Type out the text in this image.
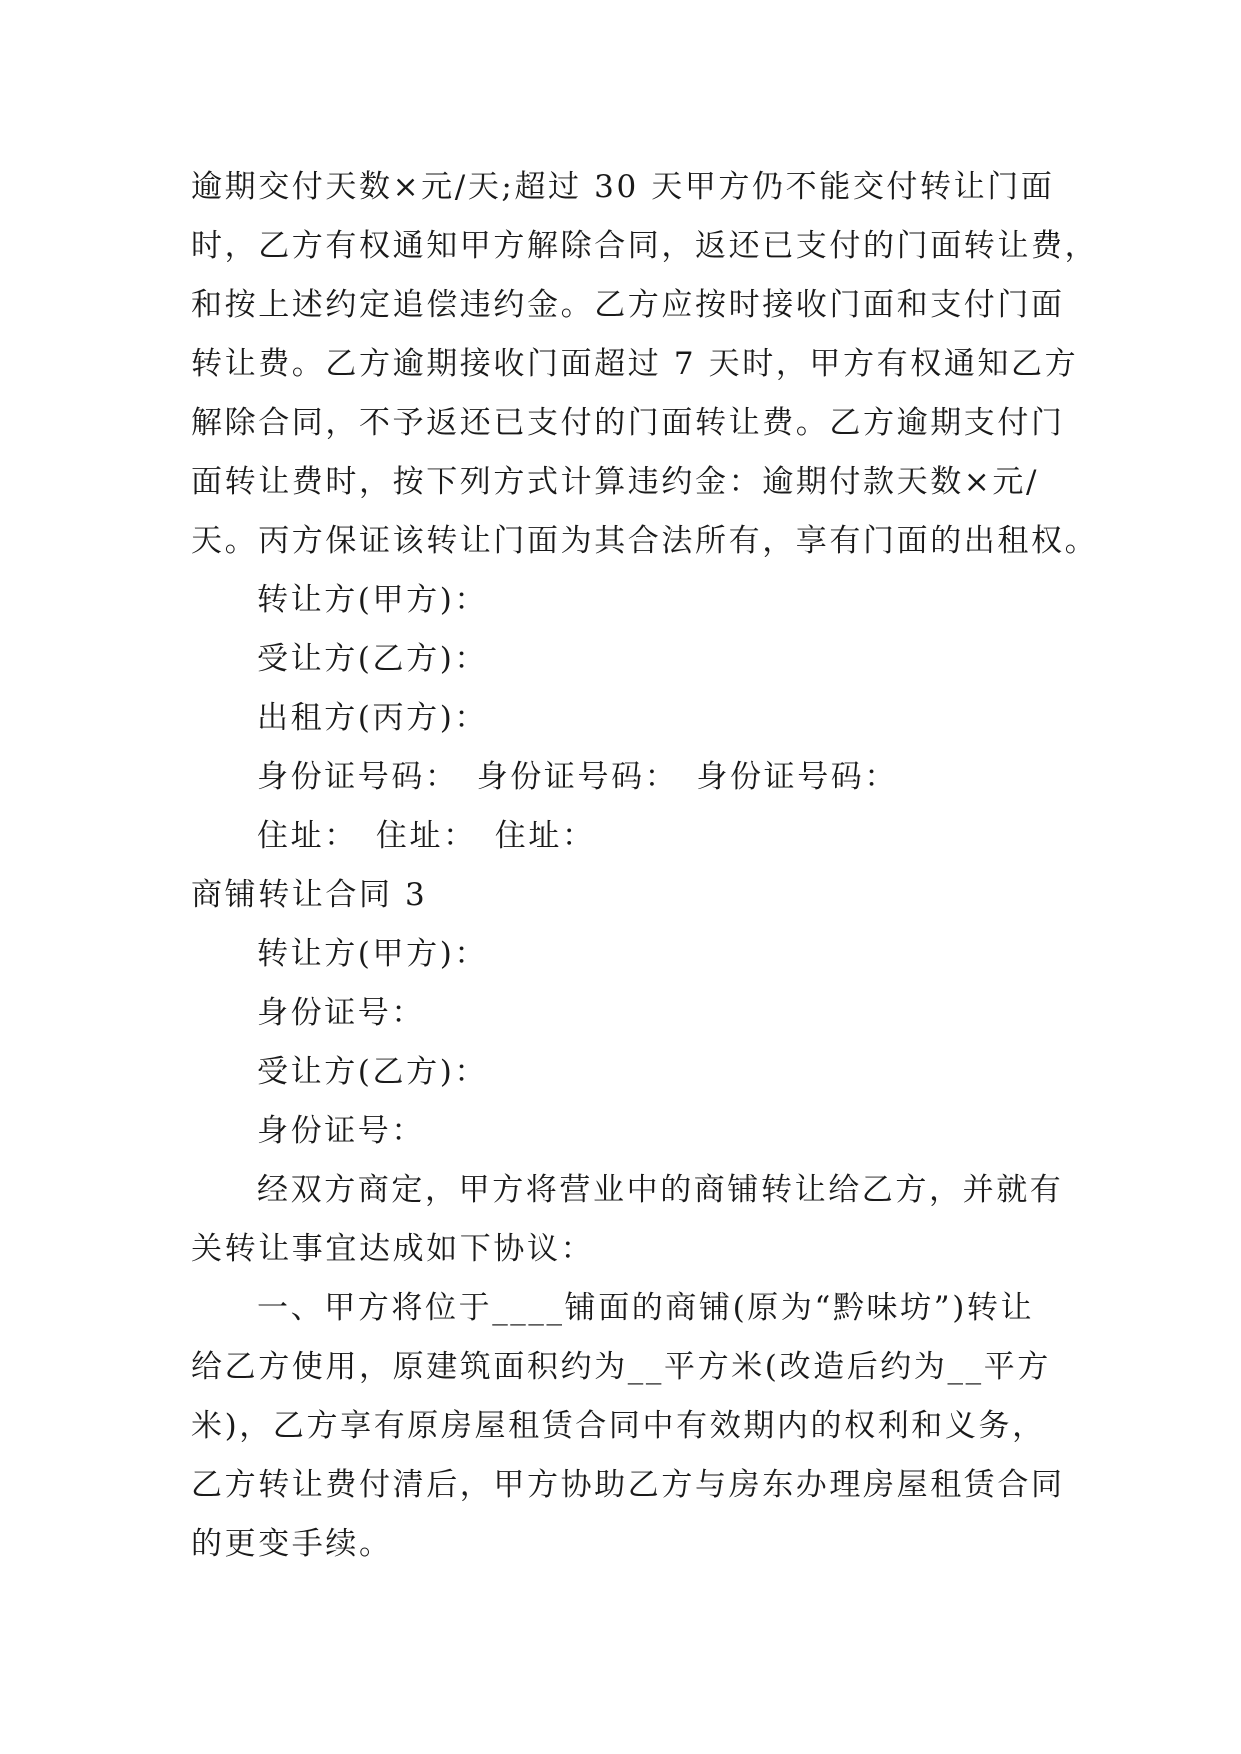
逾期交付天数×元/天;超过 30 天甲方仍不能交付转让门面
时，乙方有权通知甲方解除合同，返还已支付的门面转让费，
和按上述约定追偿违约金。乙方应按时接收门面和支付门面
转让费。乙方逾期接收门面超过 7 天时，甲方有权通知乙方
解除合同，不予返还已支付的门面转让费。乙方逾期支付门
面转让费时，按下列方式计算违约金：逾期付款天数×元/
天。丙方保证该转让门面为其合法所有，享有门面的出租权。
转让方(甲方)：
受让方(乙方)：
出租方(丙方)：
身份证号码：　身份证号码：　身份证号码：
住址：　住址：　住址：
商铺转让合同 3
转让方(甲方)：
身份证号：
受让方(乙方)：
身份证号：
经双方商定，甲方将营业中的商铺转让给乙方，并就有
关转让事宜达成如下协议：
一、甲方将位于____铺面的商铺(原为“黔味坊”)转让
给乙方使用，原建筑面积约为__平方米(改造后约为__平方
米)，乙方享有原房屋租赁合同中有效期内的权利和义务，
乙方转让费付清后，甲方协助乙方与房东办理房屋租赁合同
的更变手续。
